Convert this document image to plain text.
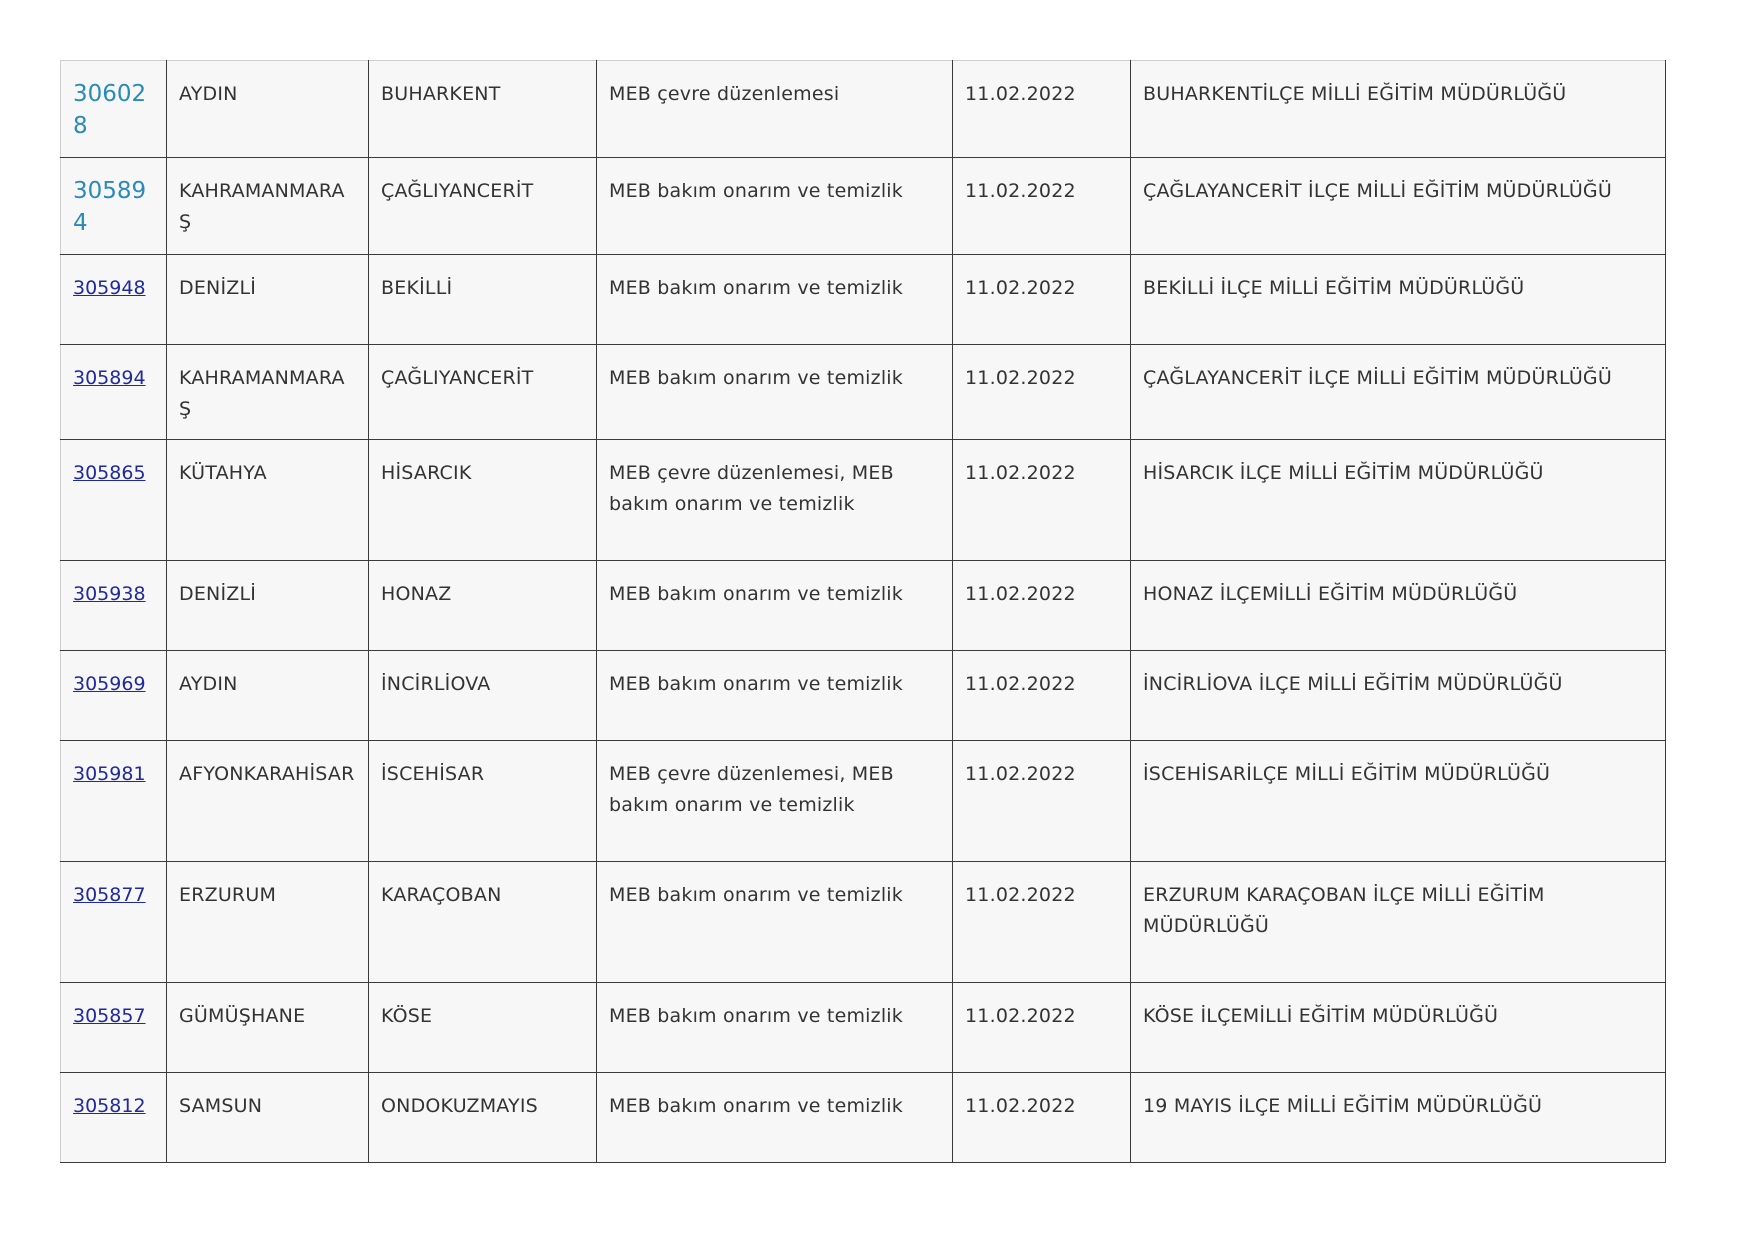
306028	AYDIN	BUHARKENT	MEB çevre düzenlemesi	11.02.2022	BUHARKENTİLÇE MİLLİ EĞİTİM MÜDÜRLÜĞÜ
305894	KAHRAMANMARAŞ	ÇAĞLIYANCERİT	MEB bakım onarım ve temizlik	11.02.2022	ÇAĞLAYANCERİT İLÇE MİLLİ EĞİTİM MÜDÜRLÜĞÜ
305948	DENİZLİ	BEKİLLİ	MEB bakım onarım ve temizlik	11.02.2022	BEKİLLİ İLÇE MİLLİ EĞİTİM MÜDÜRLÜĞÜ
305894	KAHRAMANMARAŞ	ÇAĞLIYANCERİT	MEB bakım onarım ve temizlik	11.02.2022	ÇAĞLAYANCERİT İLÇE MİLLİ EĞİTİM MÜDÜRLÜĞÜ
305865	KÜTAHYA	HİSARCIK	MEB çevre düzenlemesi, MEB bakım onarım ve temizlik	11.02.2022	HİSARCIK İLÇE MİLLİ EĞİTİM MÜDÜRLÜĞÜ
305938	DENİZLİ	HONAZ	MEB bakım onarım ve temizlik	11.02.2022	HONAZ İLÇEMİLLİ EĞİTİM MÜDÜRLÜĞÜ
305969	AYDIN	İNCİRLİOVA	MEB bakım onarım ve temizlik	11.02.2022	İNCİRLİOVA İLÇE MİLLİ EĞİTİM MÜDÜRLÜĞÜ
305981	AFYONKARAHİSAR	İSCEHİSAR	MEB çevre düzenlemesi, MEB bakım onarım ve temizlik	11.02.2022	İSCEHİSARİLÇE MİLLİ EĞİTİM MÜDÜRLÜĞÜ
305877	ERZURUM	KARAÇOBAN	MEB bakım onarım ve temizlik	11.02.2022	ERZURUM KARAÇOBAN İLÇE MİLLİ EĞİTİM MÜDÜRLÜĞÜ
305857	GÜMÜŞHANE	KÖSE	MEB bakım onarım ve temizlik	11.02.2022	KÖSE İLÇEMİLLİ EĞİTİM MÜDÜRLÜĞÜ
305812	SAMSUN	ONDOKUZMAYIS	MEB bakım onarım ve temizlik	11.02.2022	19 MAYIS İLÇE MİLLİ EĞİTİM MÜDÜRLÜĞÜ
